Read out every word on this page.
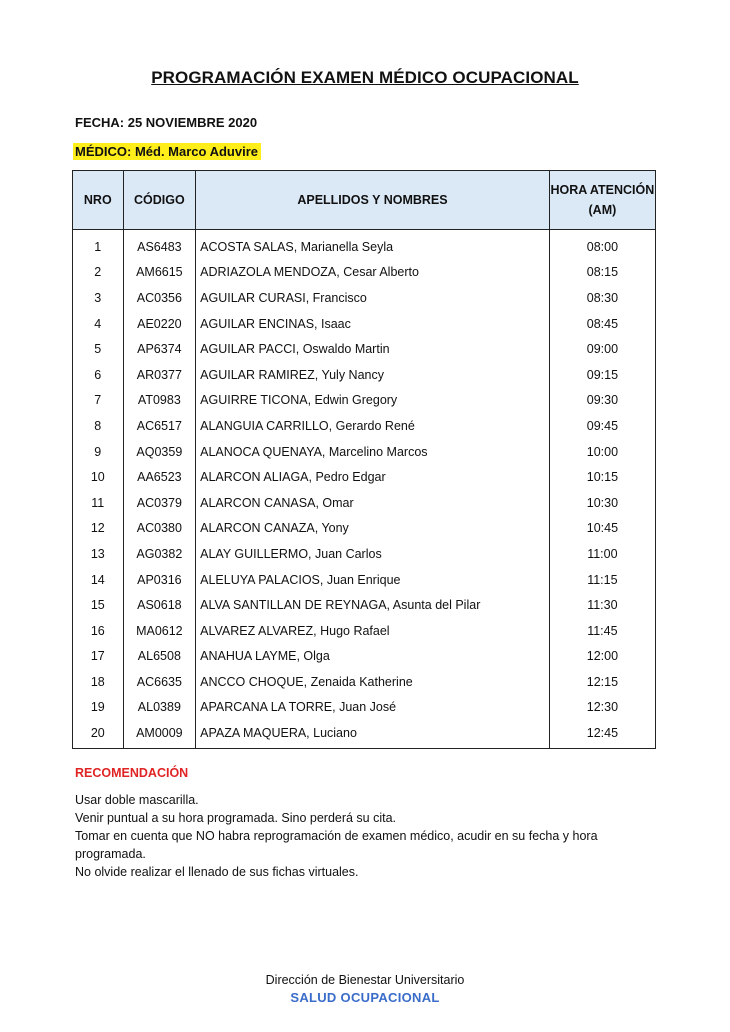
PROGRAMACIÓN EXAMEN MÉDICO OCUPACIONAL
FECHA: 25 NOVIEMBRE 2020
MÉDICO: Méd. Marco Aduvire
NRO	CÓDIGO	APELLIDOS Y NOMBRES	HORA ATENCIÓN
(AM)

1	AS6483	ACOSTA SALAS, Marianella Seyla	08:00
2	AM6615	ADRIAZOLA MENDOZA, Cesar Alberto	08:15
3	AC0356	AGUILAR CURASI, Francisco	08:30
4	AE0220	AGUILAR ENCINAS, Isaac	08:45
5	AP6374	AGUILAR PACCI, Oswaldo Martin	09:00
6	AR0377	AGUILAR RAMIREZ, Yuly Nancy	09:15
7	AT0983	AGUIRRE TICONA, Edwin Gregory	09:30
8	AC6517	ALANGUIA CARRILLO, Gerardo René	09:45
9	AQ0359	ALANOCA QUENAYA, Marcelino Marcos	10:00
10	AA6523	ALARCON ALIAGA, Pedro Edgar	10:15
11	AC0379	ALARCON CANASA, Omar	10:30
12	AC0380	ALARCON CANAZA, Yony	10:45
13	AG0382	ALAY GUILLERMO, Juan Carlos	11:00
14	AP0316	ALELUYA PALACIOS, Juan Enrique	11:15
15	AS0618	ALVA SANTILLAN DE REYNAGA, Asunta del Pilar	11:30
16	MA0612	ALVAREZ ALVAREZ, Hugo Rafael	11:45
17	AL6508	ANAHUA LAYME, Olga	12:00
18	AC6635	ANCCO CHOQUE, Zenaida Katherine	12:15
19	AL0389	APARCANA LA TORRE, Juan José	12:30
20	AM0009	APAZA MAQUERA, Luciano	12:45
RECOMENDACIÓN
Usar doble mascarilla.
Venir puntual a su hora programada. Sino perderá su cita.
Tomar en cuenta que NO habra reprogramación de examen médico, acudir en su fecha y hora programada.
No olvide realizar el llenado de sus fichas virtuales.
Dirección de Bienestar Universitario
SALUD OCUPACIONAL
